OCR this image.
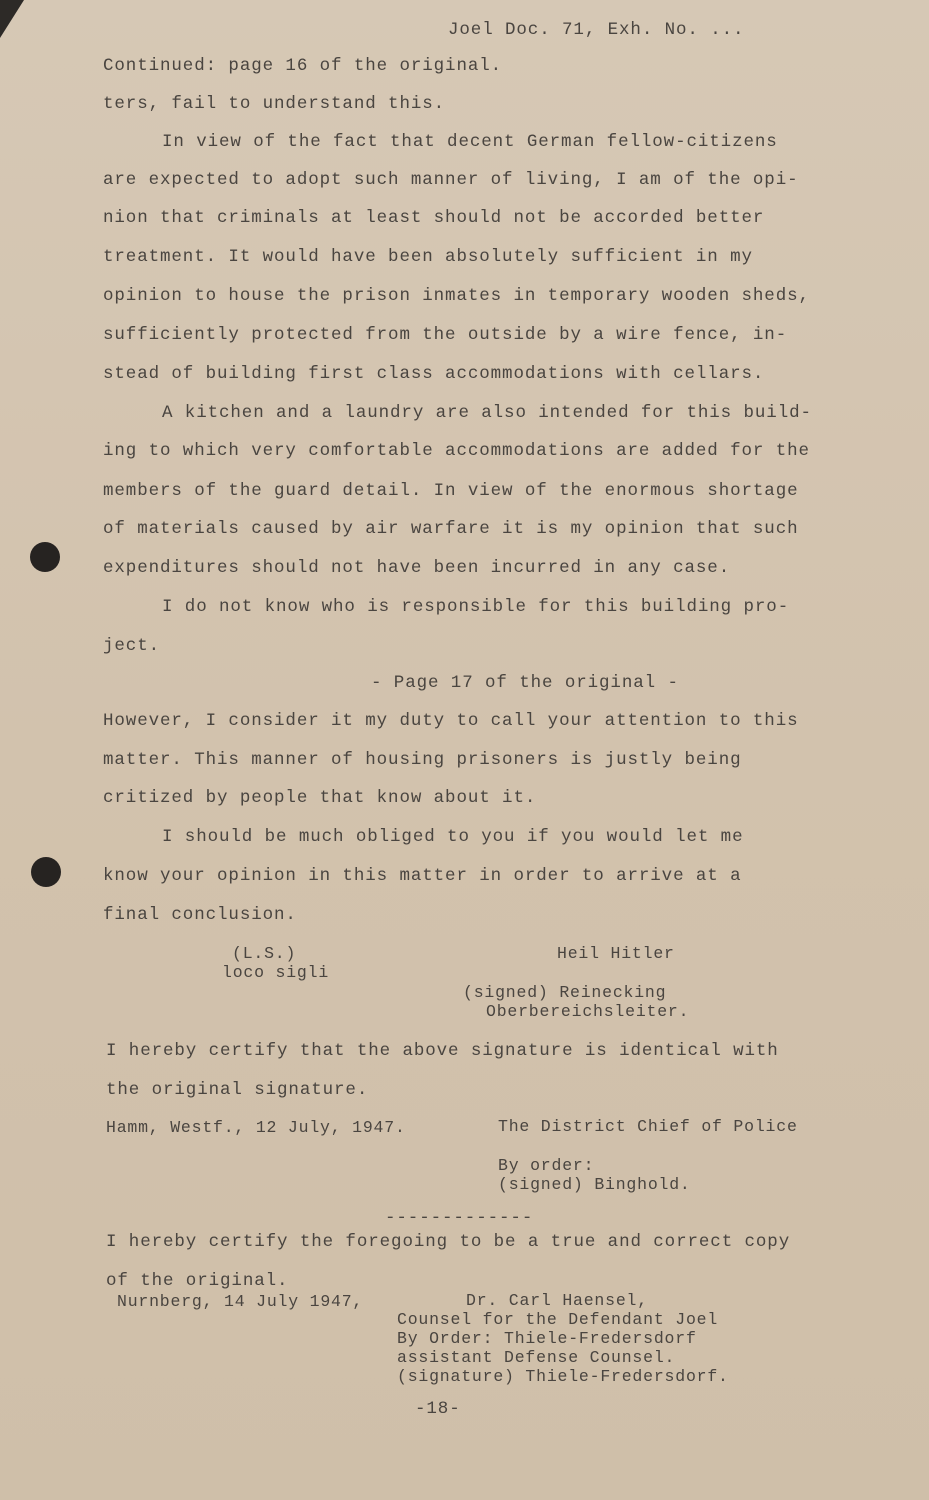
Joel Doc. 71, Exh. No. ...
Continued: page 16 of the original.
ters, fail to understand this.
In view of the fact that decent German fellow-citizens
are expected to adopt such manner of living, I am of the opi-
nion that criminals at least should not be accorded better
treatment. It would have been absolutely sufficient in my
opinion to house the prison inmates in temporary wooden sheds,
sufficiently protected from the outside by a wire fence, in-
stead of building first class accommodations with cellars.
A kitchen and a laundry are also intended for this build-
ing to which very comfortable accommodations are added for the
members of the guard detail. In view of the enormous shortage
of materials caused by air warfare it is my opinion that such
expenditures should not have been incurred in any case.
I do not know who is responsible for this building pro-
ject.
- Page 17 of the original -
However, I consider it my duty to call your attention to this
matter. This manner of housing prisoners is justly being
critized by people that know about it.
I should be much obliged to you if you would let me
know your opinion in this matter in order to arrive at a
final conclusion.
(L.S.)
loco sigli
Heil Hitler
(signed) Reinecking
Oberbereichsleiter.
I hereby certify that the above signature is identical with
the original signature.
Hamm, Westf., 12 July, 1947.	The District Chief of Police
By order:
(signed) Binghold.
-------------
I hereby certify the foregoing to be a true and correct copy
of the original.
Nurnberg, 14 July 1947,	Dr. Carl Haensel,
Counsel for the Defendant Joel
By Order: Thiele-Fredersdorf
assistant Defense Counsel.
(signature) Thiele-Fredersdorf.
-18-
